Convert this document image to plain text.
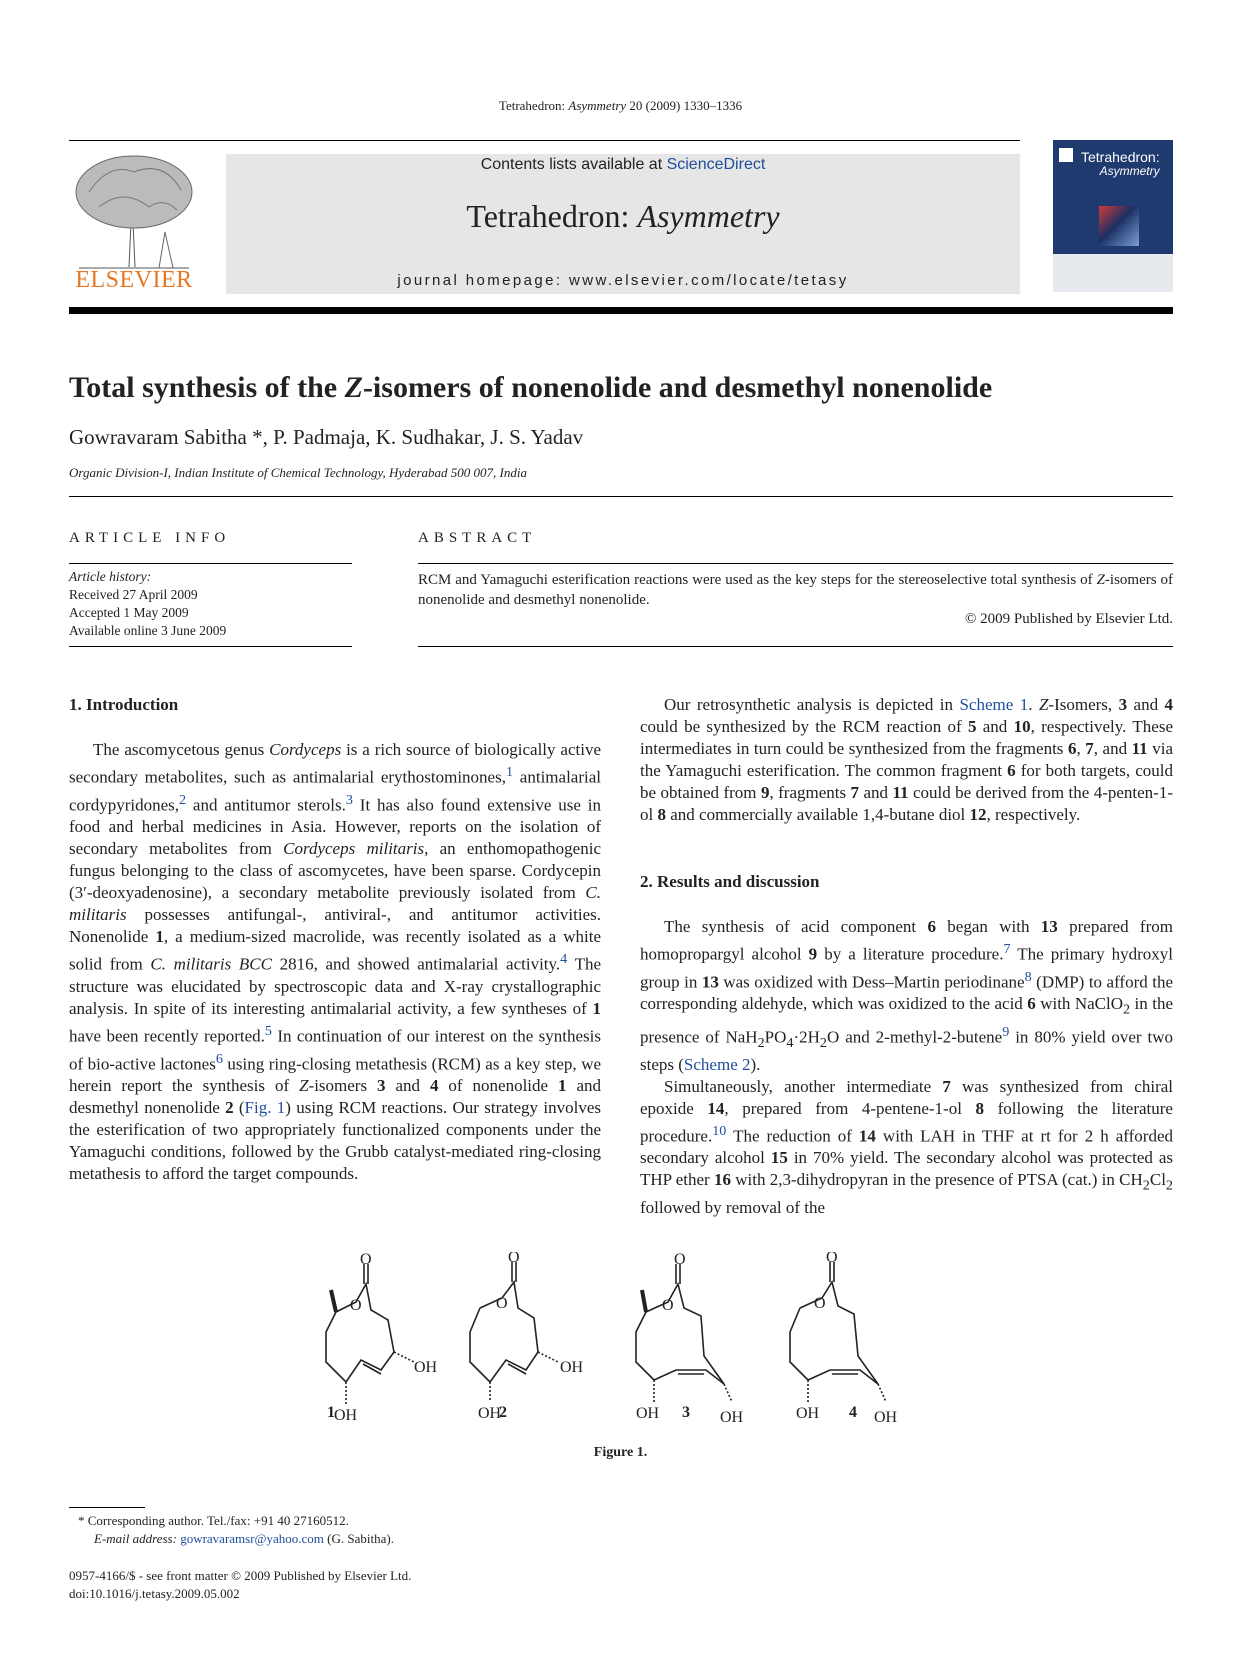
Tetrahedron: Asymmetry 20 (2009) 1330–1336
ELSEVIER
Contents lists available at ScienceDirect
Tetrahedron: Asymmetry
journal homepage: www.elsevier.com/locate/tetasy
Tetrahedron:
Asymmetry
Total synthesis of the Z-isomers of nonenolide and desmethyl nonenolide
Gowravaram Sabitha *, P. Padmaja, K. Sudhakar, J. S. Yadav
Organic Division-I, Indian Institute of Chemical Technology, Hyderabad 500 007, India
ARTICLE INFO
Article history:
Received 27 April 2009
Accepted 1 May 2009
Available online 3 June 2009
ABSTRACT
RCM and Yamaguchi esterification reactions were used as the key steps for the stereoselective total synthesis of Z-isomers of nonenolide and desmethyl nonenolide.
© 2009 Published by Elsevier Ltd.
1. Introduction

The ascomycetous genus Cordyceps is a rich source of biologically active secondary metabolites, such as antimalarial erythostominones,$^1$ antimalarial cordypyridones,$^2$ and antitumor sterols.$^3$ It has also found extensive use in food and herbal medicines in Asia. However, reports on the isolation of secondary metabolites from Cordyceps militaris, an enthomopathogenic fungus belonging to the class of ascomycetes, have been sparse. Cordycepin (3′-deoxyadenosine), a secondary metabolite previously isolated from C. militaris possesses antifungal-, antiviral-, and antitumor activities. Nonenolide 1, a medium-sized macrolide, was recently isolated as a white solid from C. militaris BCC 2816, and showed antimalarial activity.$^4$ The structure was elucidated by spectroscopic data and X-ray crystallographic analysis. In spite of its interesting antimalarial activity, a few syntheses of 1 have been recently reported.$^5$ In continuation of our interest on the synthesis of bio-active lactones$^6$ using ring-closing metathesis (RCM) as a key step, we herein report the synthesis of Z-isomers 3 and 4 of nonenolide 1 and desmethyl nonenolide 2 (Fig. 1) using RCM reactions. Our strategy involves the esterification of two appropriately functionalized components under the Yamaguchi conditions, followed by the Grubb catalyst-mediated ring-closing metathesis to afford the target compounds.

Our retrosynthetic analysis is depicted in Scheme 1. Z-Isomers, 3 and 4 could be synthesized by the RCM reaction of 5 and 10, respectively. These intermediates in turn could be synthesized from the fragments 6, 7, and 11 via the Yamaguchi esterification. The common fragment 6 for both targets, could be obtained from 9, fragments 7 and 11 could be derived from the 4-penten-1-ol 8 and commercially available 1,4-butane diol 12, respectively.

2. Results and discussion

The synthesis of acid component 6 began with 13 prepared from homopropargyl alcohol 9 by a literature procedure.$^7$ The primary hydroxyl group in 13 was oxidized with Dess–Martin periodinane$^8$ (DMP) to afford the corresponding aldehyde, which was oxidized to the acid 6 with NaClO$_2$ in the presence of $NaH_2PO_4\cdot 2H_2O$ and 2-methyl-2-butene$^9$ in 80% yield over two steps (Scheme 2).

Simultaneously, another intermediate 7 was synthesized from chiral epoxide 14, prepared from 4-pentene-1-ol 8 following the literature procedure.$^{10}$ The reduction of 14 with LAH in THF at rt for 2 h afforded secondary alcohol 15 in 70% yield. The secondary alcohol was protected as THP ether 16 with 2,3-dihydropyran in the presence of PTSA (cat.) in $CH_2Cl_2$ followed by removal of the

O
O
OH
OH
O
O
OH
OH
O
O
OH	OH
O
O
OH	OH
1	2	3	4
Figure 1.
* Corresponding author. Tel./fax: +91 40 27160512.
E-mail address: gowravaramsr@yahoo.com (G. Sabitha).
0957-4166/$ - see front matter © 2009 Published by Elsevier Ltd.
doi:10.1016/j.tetasy.2009.05.002
